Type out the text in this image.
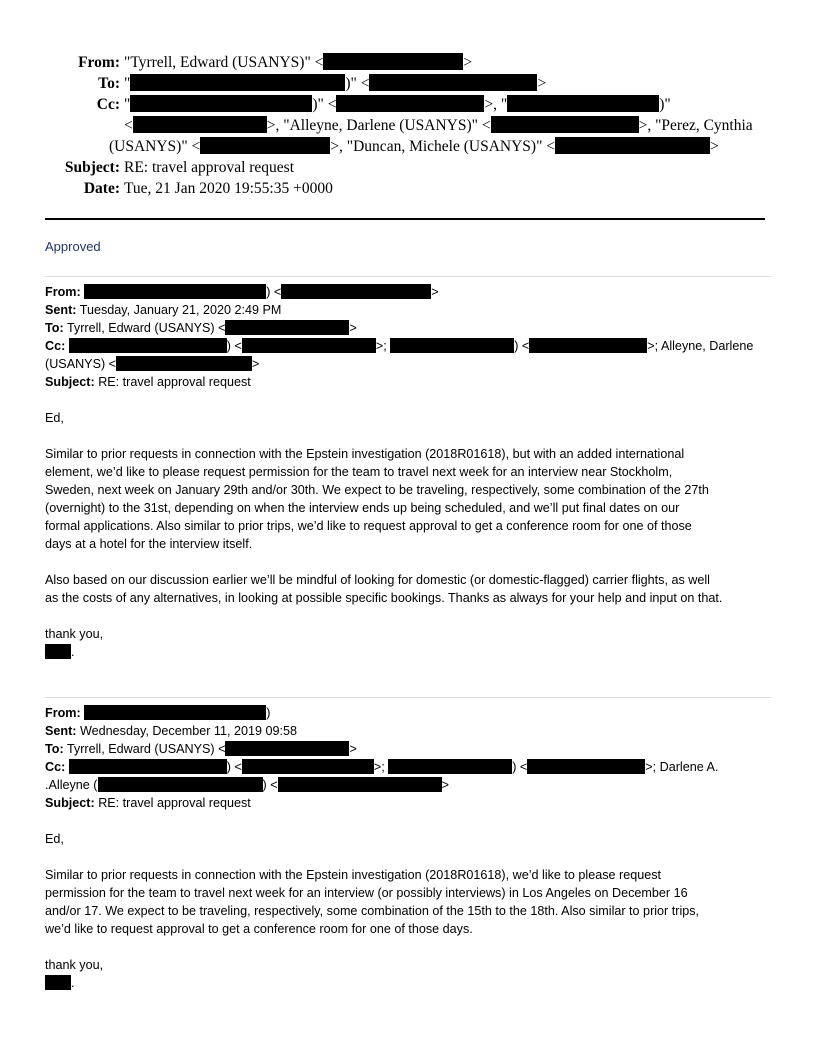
From: "Tyrrell, Edward (USANYS)" <	>
To: "	)" <	>
Cc: "	)" <	>, "	)"
<	>, "Alleyne, Darlene (USANYS)" <	>, "Perez, Cynthia
(USANYS)" <	>, "Duncan, Michele (USANYS)" <	>
Subject: RE: travel approval request
Date: Tue, 21 Jan 2020 19:55:35 +0000
Approved
From:	) <	>
Sent: Tuesday, January 21, 2020 2:49 PM
To: Tyrrell, Edward (USANYS) <	>
Cc:	) <	>;	) <	>; Alleyne, Darlene
(USANYS) <	>
Subject: RE: travel approval request

Ed,

Similar to prior requests in connection with the Epstein investigation (2018R01618), but with an added international

element, we’d like to please request permission for the team to travel next week for an interview near Stockholm,

Sweden, next week on January 29th and/or 30th. We expect to be traveling, respectively, some combination of the 27th

(overnight) to the 31st, depending on when the interview ends up being scheduled, and we’ll put final dates on our

formal applications. Also similar to prior trips, we’d like to request approval to get a conference room for one of those

days at a hotel for the interview itself.

Also based on our discussion earlier we’ll be mindful of looking for domestic (or domestic-flagged) carrier flights, as well

as the costs of any alternatives, in looking at possible specific bookings. Thanks as always for your help and input on that.

thank you,

.

From:	)
Sent: Wednesday, December 11, 2019 09:58
To: Tyrrell, Edward (USANYS) <	>
Cc:	) <	>;	) <	>; Darlene A.
.Alleyne (	) <	>
Subject: RE: travel approval request

Ed,

Similar to prior requests in connection with the Epstein investigation (2018R01618), we’d like to please request

permission for the team to travel next week for an interview (or possibly interviews) in Los Angeles on December 16

and/or 17. We expect to be traveling, respectively, some combination of the 15th to the 18th. Also similar to prior trips,

we’d like to request approval to get a conference room for one of those days.

thank you,

.
